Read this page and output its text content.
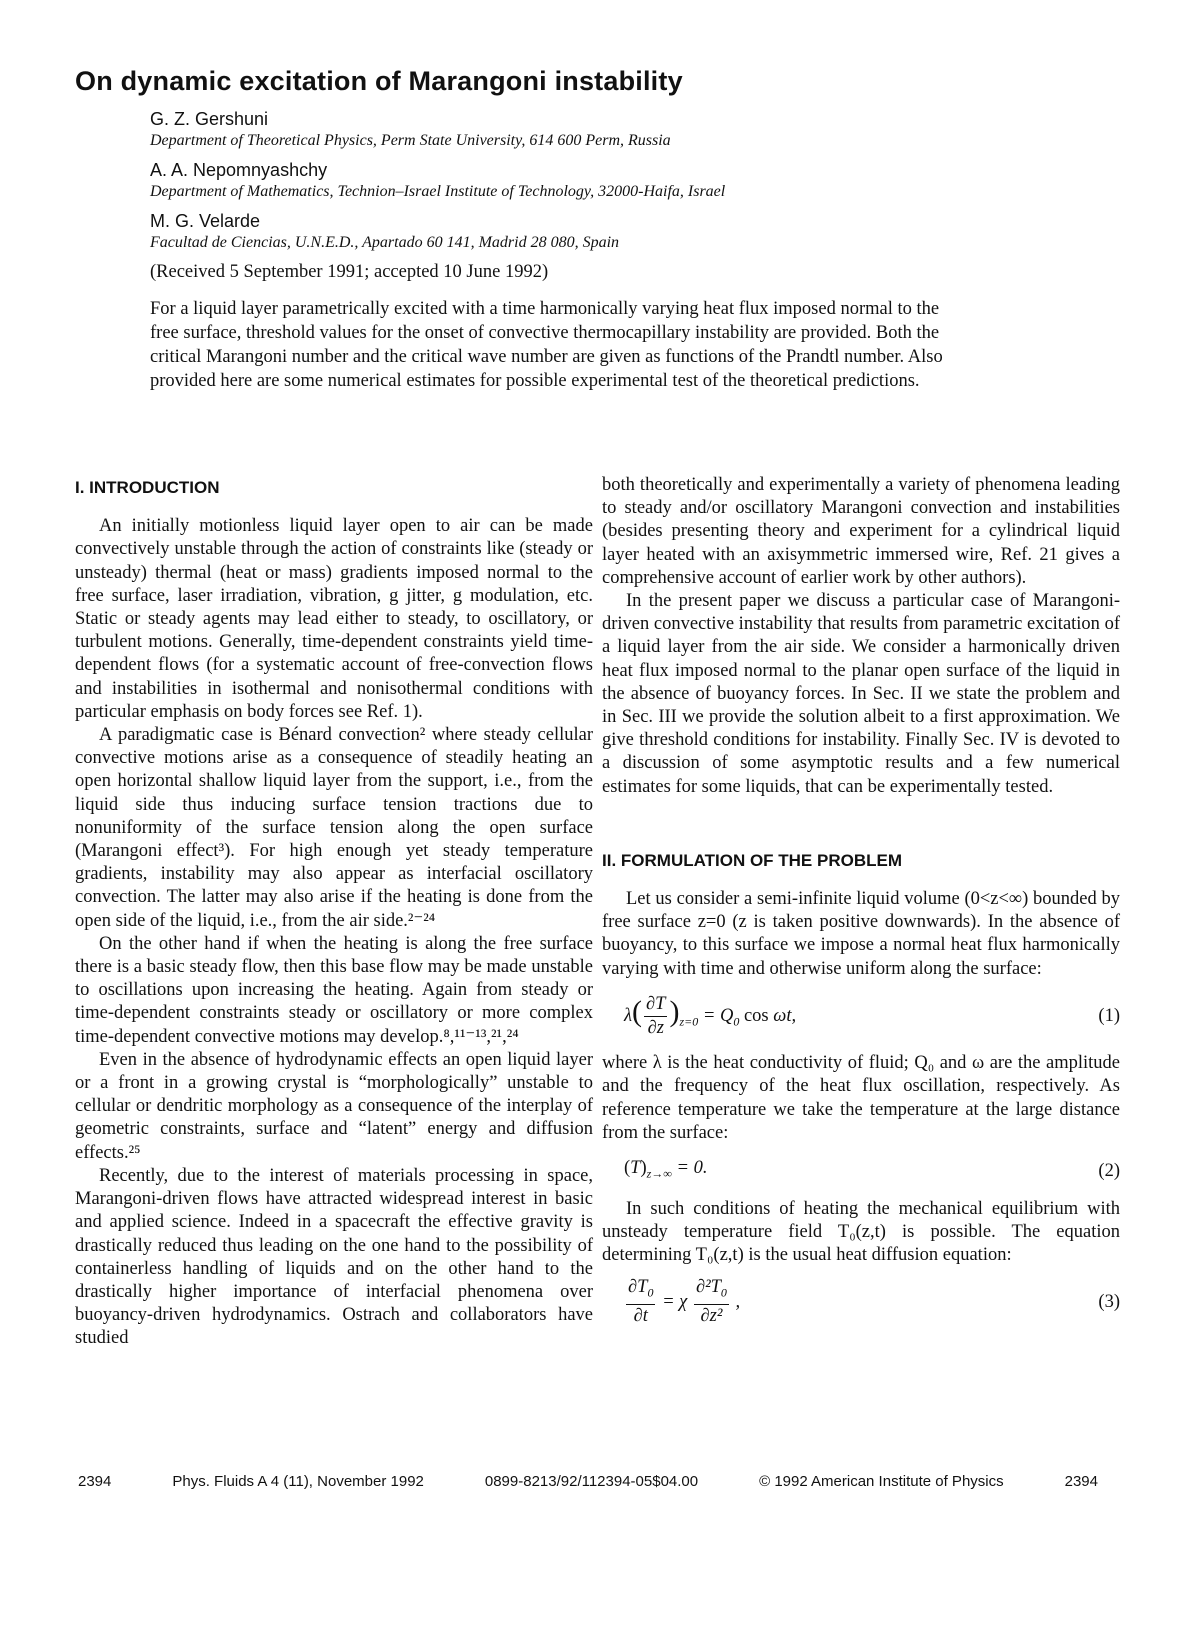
On dynamic excitation of Marangoni instability
G. Z. Gershuni
Department of Theoretical Physics, Perm State University, 614 600 Perm, Russia
A. A. Nepomnyashchy
Department of Mathematics, Technion–Israel Institute of Technology, 32000-Haifa, Israel
M. G. Velarde
Facultad de Ciencias, U.N.E.D., Apartado 60 141, Madrid 28 080, Spain
(Received 5 September 1991; accepted 10 June 1992)
For a liquid layer parametrically excited with a time harmonically varying heat flux imposed normal to the free surface, threshold values for the onset of convective thermocapillary instability are provided. Both the critical Marangoni number and the critical wave number are given as functions of the Prandtl number. Also provided here are some numerical estimates for possible experimental test of the theoretical predictions.
I. INTRODUCTION

An initially motionless liquid layer open to air can be made convectively unstable through the action of constraints like (steady or unsteady) thermal (heat or mass) gradients imposed normal to the free surface, laser irradiation, vibration, g jitter, g modulation, etc. Static or steady agents may lead either to steady, to oscillatory, or turbulent motions. Generally, time-dependent constraints yield time-dependent flows (for a systematic account of free-convection flows and instabilities in isothermal and nonisothermal conditions with particular emphasis on body forces see Ref. 1).

A paradigmatic case is Bénard convection² where steady cellular convective motions arise as a consequence of steadily heating an open horizontal shallow liquid layer from the support, i.e., from the liquid side thus inducing surface tension tractions due to nonuniformity of the surface tension along the open surface (Marangoni effect³). For high enough yet steady temperature gradients, instability may also appear as interfacial oscillatory convection. The latter may also arise if the heating is done from the open side of the liquid, i.e., from the air side.²⁻²⁴

On the other hand if when the heating is along the free surface there is a basic steady flow, then this base flow may be made unstable to oscillations upon increasing the heating. Again from steady or time-dependent constraints steady or oscillatory or more complex time-dependent convective motions may develop.⁸,¹¹⁻¹³,²¹,²⁴

Even in the absence of hydrodynamic effects an open liquid layer or a front in a growing crystal is “morphologically” unstable to cellular or dendritic morphology as a consequence of the interplay of geometric constraints, surface and “latent” energy and diffusion effects.²⁵

Recently, due to the interest of materials processing in space, Marangoni-driven flows have attracted widespread interest in basic and applied science. Indeed in a spacecraft the effective gravity is drastically reduced thus leading on the one hand to the possibility of containerless handling of liquids and on the other hand to the drastically higher importance of interfacial phenomena over buoyancy-driven hydrodynamics. Ostrach and collaborators have studied

both theoretically and experimentally a variety of phenomena leading to steady and/or oscillatory Marangoni convection and instabilities (besides presenting theory and experiment for a cylindrical liquid layer heated with an axisymmetric immersed wire, Ref. 21 gives a comprehensive account of earlier work by other authors).

In the present paper we discuss a particular case of Marangoni-driven convective instability that results from parametric excitation of a liquid layer from the air side. We consider a harmonically driven heat flux imposed normal to the planar open surface of the liquid in the absence of buoyancy forces. In Sec. II we state the problem and in Sec. III we provide the solution albeit to a first approximation. We give threshold conditions for instability. Finally Sec. IV is devoted to a discussion of some asymptotic results and a few numerical estimates for some liquids, that can be experimentally tested.

II. FORMULATION OF THE PROBLEM

Let us consider a semi-infinite liquid volume (0<z<∞) bounded by free surface z=0 (z is taken positive downwards). In the absence of buoyancy, to this surface we impose a normal heat flux harmonically varying with time and otherwise uniform along the surface:

$\lambda( \frac{\partial T}{\partial z} )_{z=0} = Q_0$ cos ωt,	(1)

where λ is the heat conductivity of fluid; Q₀ and ω are the amplitude and the frequency of the heat flux oscillation, respectively. As reference temperature we take the temperature at the large distance from the surface:

$(T)_{z\to\infty} = 0$.	(2)

In such conditions of heating the mechanical equilibrium with unsteady temperature field T₀(z,t) is possible. The equation determining T₀(z,t) is the usual heat diffusion equation:

$\frac{\partial T_0}{\partial t} = \chi \frac{\partial^2T_0}{\text{∂z²}}$ ,	(3)
2394	Phys. Fluids A 4 (11), November 1992	0899-8213/92/112394-05$04.00	© 1992 American Institute of Physics	2394
